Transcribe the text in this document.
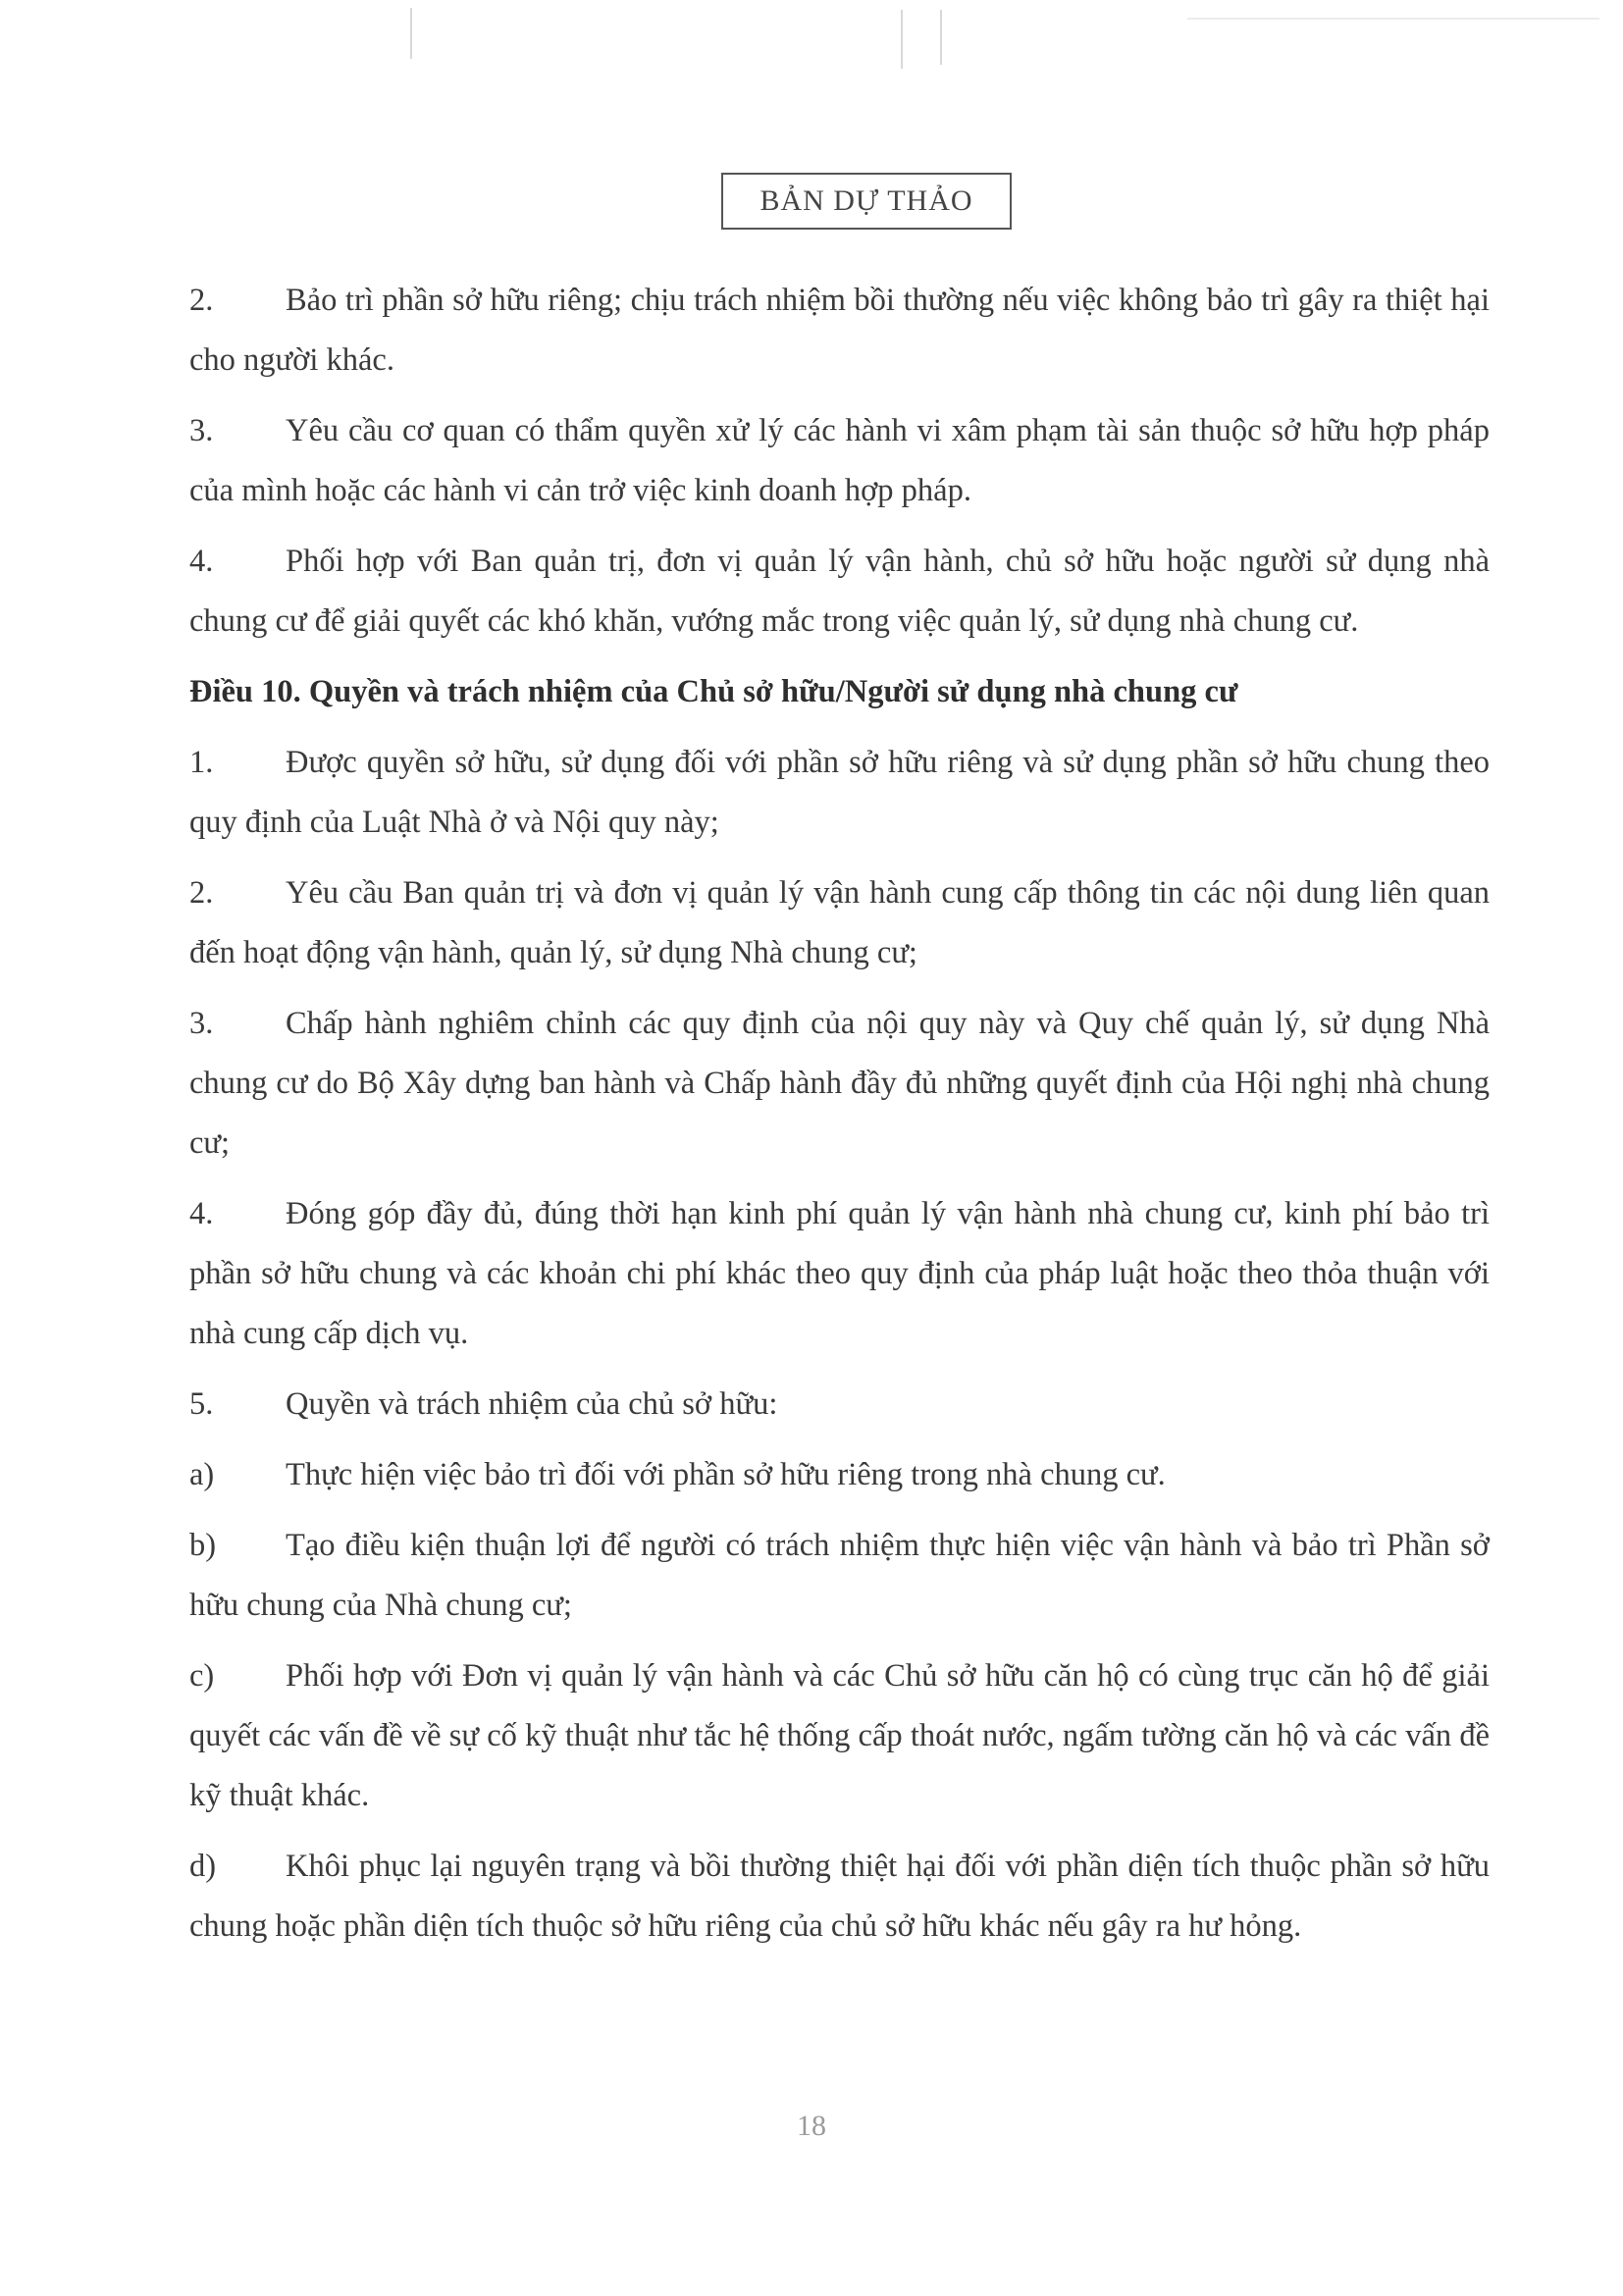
BẢN DỰ THẢO

2. Bảo trì phần sở hữu riêng; chịu trách nhiệm bồi thường nếu việc không bảo trì gây ra thiệt hại cho người khác.

3. Yêu cầu cơ quan có thẩm quyền xử lý các hành vi xâm phạm tài sản thuộc sở hữu hợp pháp của mình hoặc các hành vi cản trở việc kinh doanh hợp pháp.

4. Phối hợp với Ban quản trị, đơn vị quản lý vận hành, chủ sở hữu hoặc người sử dụng nhà chung cư để giải quyết các khó khăn, vướng mắc trong việc quản lý, sử dụng nhà chung cư.

Điều 10. Quyền và trách nhiệm của Chủ sở hữu/Người sử dụng nhà chung cư

1. Được quyền sở hữu, sử dụng đối với phần sở hữu riêng và sử dụng phần sở hữu chung theo quy định của Luật Nhà ở và Nội quy này;

2. Yêu cầu Ban quản trị và đơn vị quản lý vận hành cung cấp thông tin các nội dung liên quan đến hoạt động vận hành, quản lý, sử dụng Nhà chung cư;

3. Chấp hành nghiêm chỉnh các quy định của nội quy này và Quy chế quản lý, sử dụng Nhà chung cư do Bộ Xây dựng ban hành và Chấp hành đầy đủ những quyết định của Hội nghị nhà chung cư;

4. Đóng góp đầy đủ, đúng thời hạn kinh phí quản lý vận hành nhà chung cư, kinh phí bảo trì phần sở hữu chung và các khoản chi phí khác theo quy định của pháp luật hoặc theo thỏa thuận với nhà cung cấp dịch vụ.

5. Quyền và trách nhiệm của chủ sở hữu:

a) Thực hiện việc bảo trì đối với phần sở hữu riêng trong nhà chung cư.

b) Tạo điều kiện thuận lợi để người có trách nhiệm thực hiện việc vận hành và bảo trì Phần sở hữu chung của Nhà chung cư;

c) Phối hợp với Đơn vị quản lý vận hành và các Chủ sở hữu căn hộ có cùng trục căn hộ để giải quyết các vấn đề về sự cố kỹ thuật như tắc hệ thống cấp thoát nước, ngấm tường căn hộ và các vấn đề kỹ thuật khác.

d) Khôi phục lại nguyên trạng và bồi thường thiệt hại đối với phần diện tích thuộc phần sở hữu chung hoặc phần diện tích thuộc sở hữu riêng của chủ sở hữu khác nếu gây ra hư hỏng.

18
